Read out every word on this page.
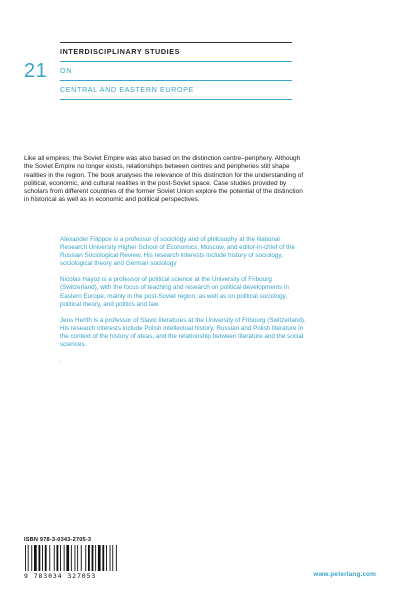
21
INTERDISCIPLINARY STUDIES
ON
CENTRAL AND EASTERN EUROPE
Like all empires, the Soviet Empire was also based on the distinction centre–periphery. Although the Soviet Empire no longer exists, relationships between centres and peripheries still shape realities in the region. The book analyses the relevance of this distinction for the understanding of political, economic, and cultural realities in the post-Soviet space. Case studies provided by scholars from different countries of the former Soviet Union explore the potential of the distinction in historical as well as in economic and political perspectives.

Alexander Filippov is a professor of sociology and of philosophy at the National Research University Higher School of Economics, Moscow, and editor-in-chief of the Russian Sociological Review. His research interests include history of sociology, sociological theory and German sociology

Nicolas Hayoz is a professor of political science at the University of Fribourg (Switzerland), with the focus of teaching and research on political developments in Eastern Europe, mainly in the post-Soviet region, as well as on political sociology, political theory, and politics and law

Jens Herlth is a professor of Slavic literatures at the University of Fribourg (Switzerland). His research interests include Polish intellectual history, Russian and Polish literature in the context of the history of ideas, and the relationship between literature and the social sciences.

.
ISBN 978-3-0343-2705-3
9 783034 327053	www.peterlang.com
